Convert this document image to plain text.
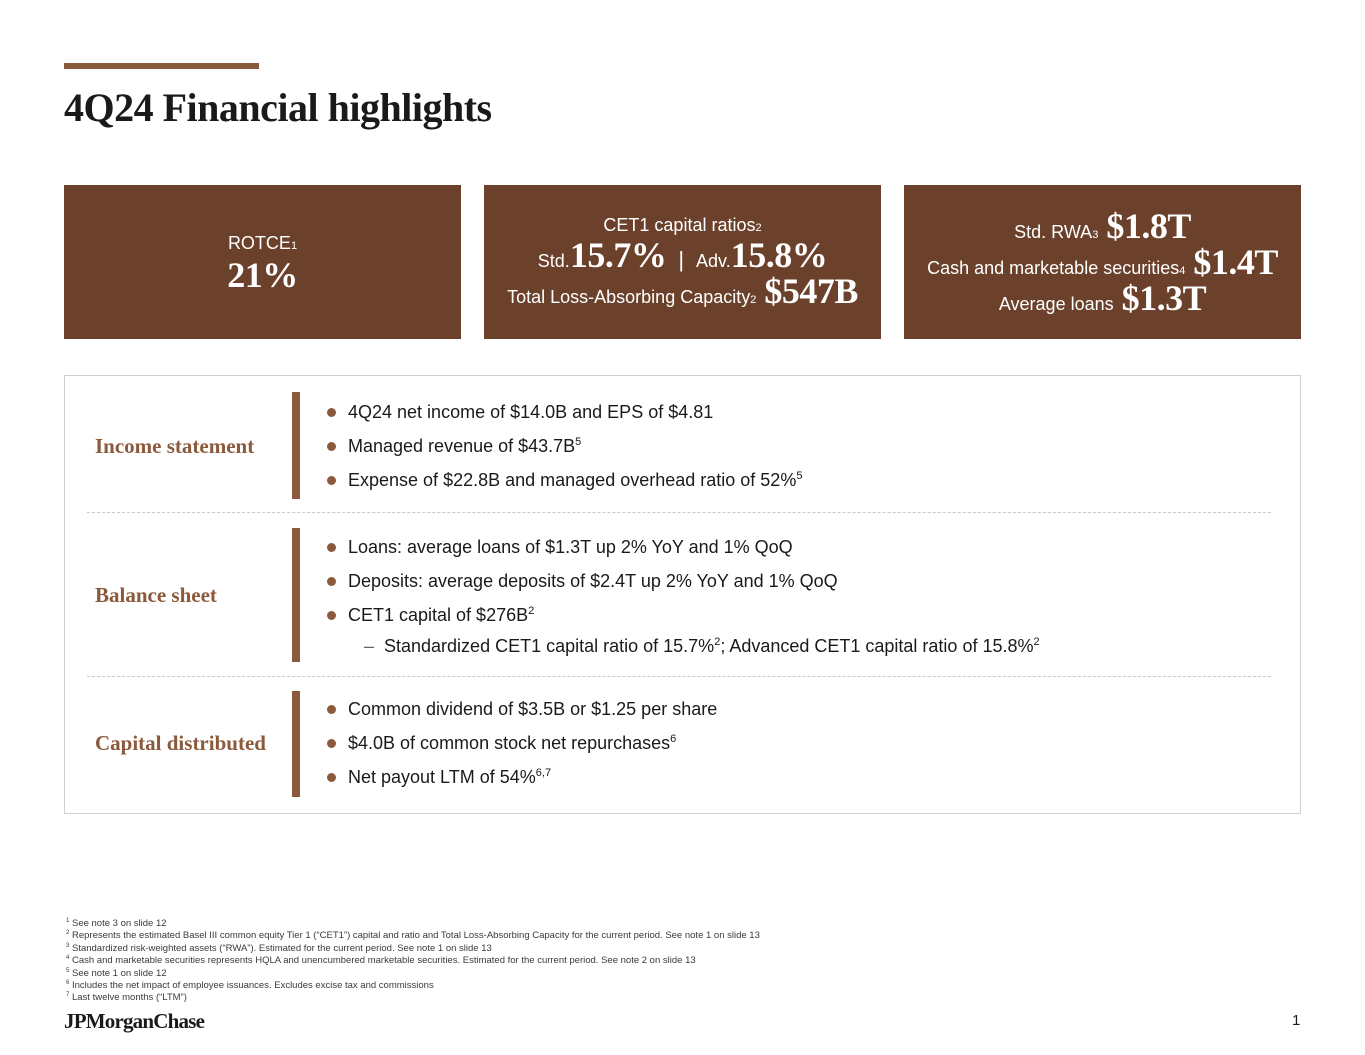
4Q24 Financial highlights
ROTCE 1
21%
CET1 capital ratios 2
Std. 15.7% | Adv. 15.8%
Total Loss-Absorbing Capacity 2 $547B
Std. RWA 3 $1.8T
Cash and marketable securities 4 $1.4T
Average loans $1.3T
Income statement
4Q24 net income of $14.0B and EPS of $4.81
Managed revenue of $\$43.7B^5$
Expense of $22.8B and managed overhead ratio of 52%$^5$
Balance sheet
Loans: average loans of $1.3T up 2% YoY and 1% QoQ
Deposits: average deposits of $2.4T up 2% YoY and 1% QoQ
CET1 capital of $\$276B^2$
– Standardized CET1 capital ratio of 15.7%$^2$; Advanced CET1 capital ratio of 15.8%$^2$
Capital distributed
Common dividend of $3.5B or $1.25 per share
$4.0B of common stock net repurchases$^6$
Net payout LTM of 54%$^{6,7}$
$^1$ See note 3 on slide 12
$^2$ Represents the estimated Basel III common equity Tier 1 (“CET1”) capital and ratio and Total Loss-Absorbing Capacity for the current period. See note 1 on slide 13
$^3$ Standardized risk-weighted assets (“RWA”). Estimated for the current period. See note 1 on slide 13
$^4$ Cash and marketable securities represents HQLA and unencumbered marketable securities. Estimated for the current period. See note 2 on slide 13
$^5$ See note 1 on slide 12
$^6$ Includes the net impact of employee issuances. Excludes excise tax and commissions
$^7$ Last twelve months (“LTM”)
JPMorganChase	1
